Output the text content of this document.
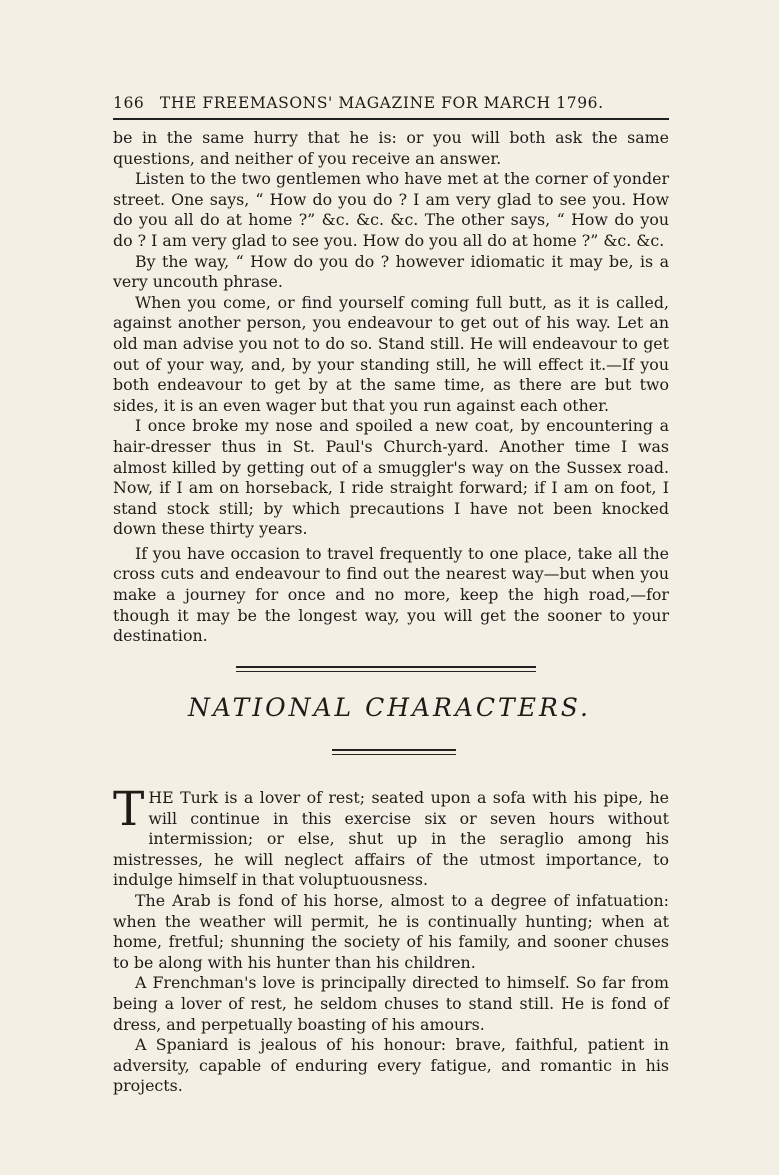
166 THE FREEMASONS' MAGAZINE FOR MARCH 1796.

be in the same hurry that he is: or you will both ask the same questions, and neither of you receive an answer.

Listen to the two gentlemen who have met at the corner of yonder street. One says, “ How do you do ? I am very glad to see you. How do you all do at home ?” &c. &c. &c. The other says, “ How do you do ? I am very glad to see you. How do you all do at home ?” &c. &c.

By the way, “ How do you do ? however idiomatic it may be, is a very uncouth phrase.

When you come, or find yourself coming full butt, as it is called, against another person, you endeavour to get out of his way. Let an old man advise you not to do so. Stand still. He will endeavour to get out of your way, and, by your standing still, he will effect it.—If you both endeavour to get by at the same time, as there are but two sides, it is an even wager but that you run against each other.

I once broke my nose and spoiled a new coat, by encountering a hair-dresser thus in St. Paul's Church-yard. Another time I was almost killed by getting out of a smuggler's way on the Sussex road. Now, if I am on horseback, I ride straight forward; if I am on foot, I stand stock still; by which precautions I have not been knocked down these thirty years.

If you have occasion to travel frequently to one place, take all the cross cuts and endeavour to find out the nearest way—but when you make a journey for once and no more, keep the high road,—for though it may be the longest way, you will get the sooner to your destination.

NATIONAL CHARACTERS.

THE Turk is a lover of rest; seated upon a sofa with his pipe, he will continue in this exercise six or seven hours without intermission; or else, shut up in the seraglio among his mistresses, he will neglect affairs of the utmost importance, to indulge himself in that voluptuousness.

The Arab is fond of his horse, almost to a degree of infatuation: when the weather will permit, he is continually hunting; when at home, fretful; shunning the society of his family, and sooner chuses to be along with his hunter than his children.

A Frenchman's love is principally directed to himself. So far from being a lover of rest, he seldom chuses to stand still. He is fond of dress, and perpetually boasting of his amours.

A Spaniard is jealous of his honour: brave, faithful, patient in adversity, capable of enduring every fatigue, and romantic in his projects.
